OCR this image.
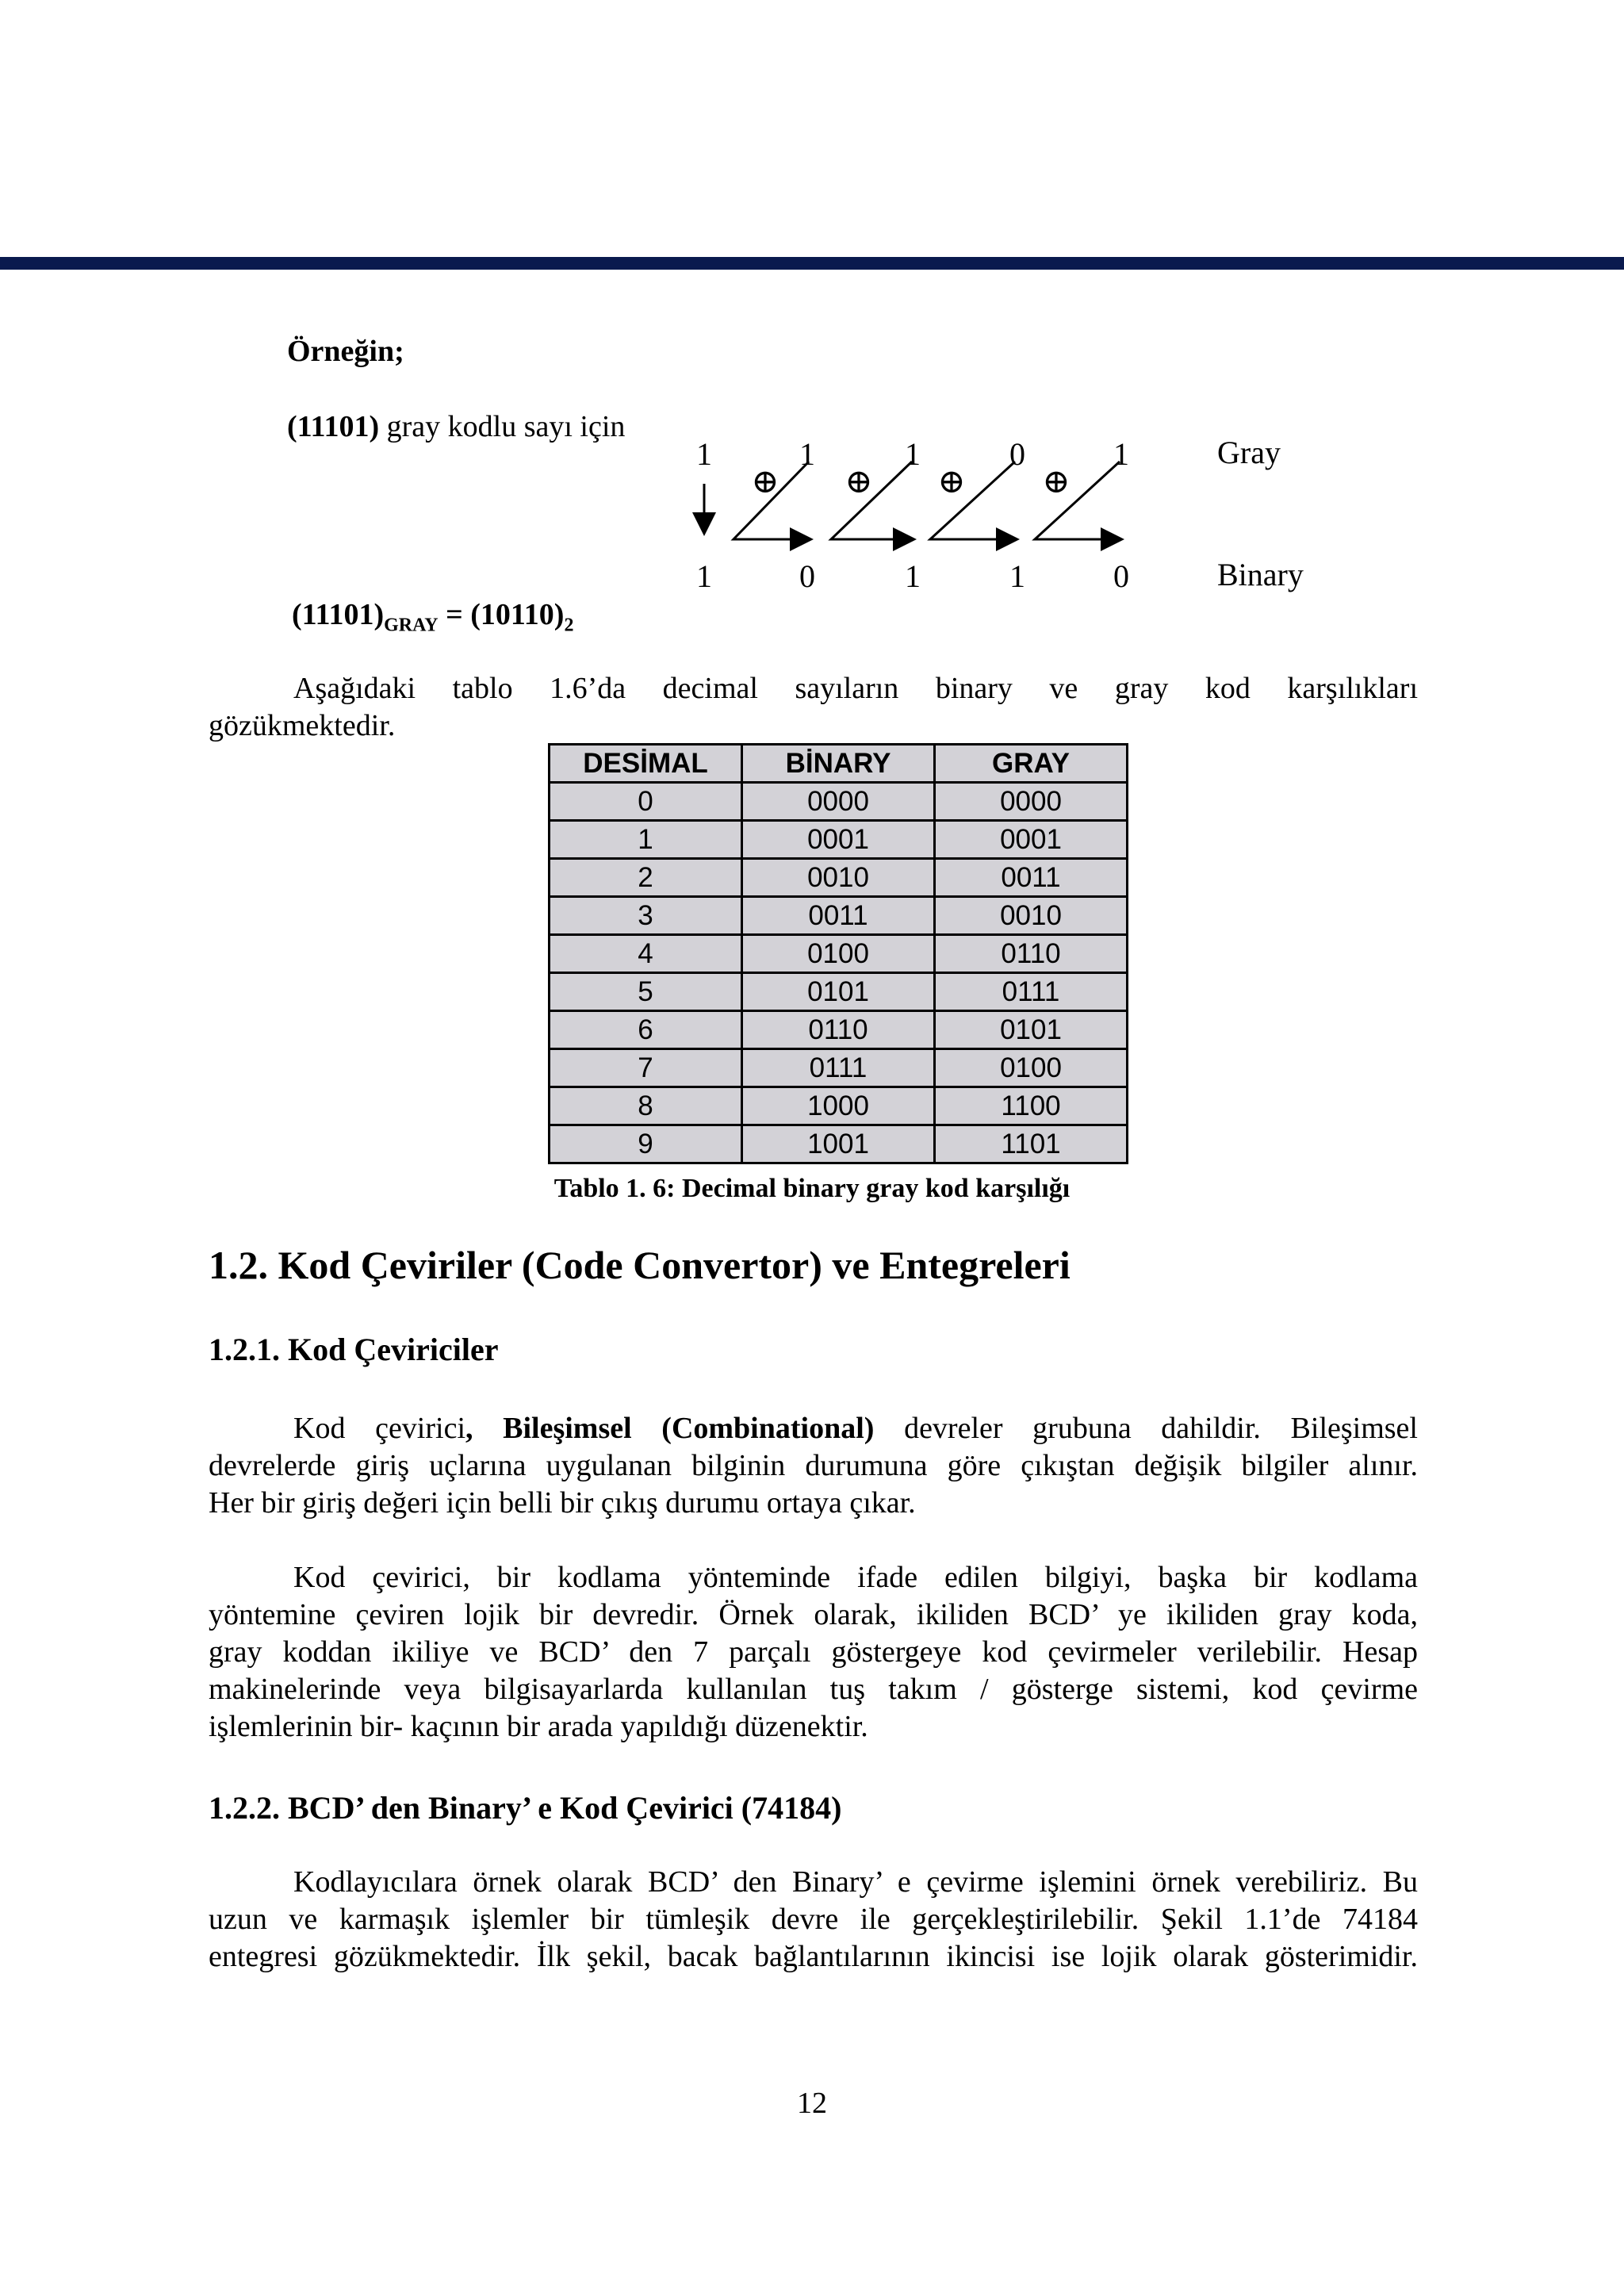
Örneğin;
(11101) gray kodlu sayı için
1	1	1	0	1	Gray
⊕ ⊕ ⊕ ⊕
1	0	1	1	0	Binary
$(11101)_{GRAY} = (10110)_2$
Aşağıdaki tablo 1.6’da decimal sayıların binary ve gray kod karşılıkları
gözükmektedir.
DESİMAL	BİNARY	GRAY
0	0000	0000
1	0001	0001
2	0010	0011
3	0011	0010
4	0100	0110
5	0101	0111
6	0110	0101
7	0111	0100
8	1000	1100
9	1001	1101
Tablo 1. 6: Decimal binary gray kod karşılığı
1.2. Kod Çeviriler (Code Convertor) ve Entegreleri
1.2.1. Kod Çeviriciler
Kod çevirici, Bileşimsel (Combinational) devreler grubuna dahildir. Bileşimsel
devrelerde giriş uçlarına uygulanan bilginin durumuna göre çıkıştan değişik bilgiler alınır.
Her bir giriş değeri için belli bir çıkış durumu ortaya çıkar.
Kod çevirici, bir kodlama yönteminde ifade edilen bilgiyi, başka bir kodlama
yöntemine çeviren lojik bir devredir. Örnek olarak, ikiliden BCD’ ye ikiliden gray koda,
gray koddan ikiliye ve BCD’ den 7 parçalı göstergeye kod çevirmeler verilebilir. Hesap
makinelerinde veya bilgisayarlarda kullanılan tuş takım / gösterge sistemi, kod çevirme
işlemlerinin bir- kaçının bir arada yapıldığı düzenektir.
1.2.2. BCD’ den Binary’ e Kod Çevirici (74184)
Kodlayıcılara örnek olarak BCD’ den Binary’ e çevirme işlemini örnek verebiliriz. Bu
uzun ve karmaşık işlemler bir tümleşik devre ile gerçekleştirilebilir. Şekil 1.1’de 74184
entegresi gözükmektedir. İlk şekil, bacak bağlantılarının ikincisi ise lojik olarak gösterimidir.
12
